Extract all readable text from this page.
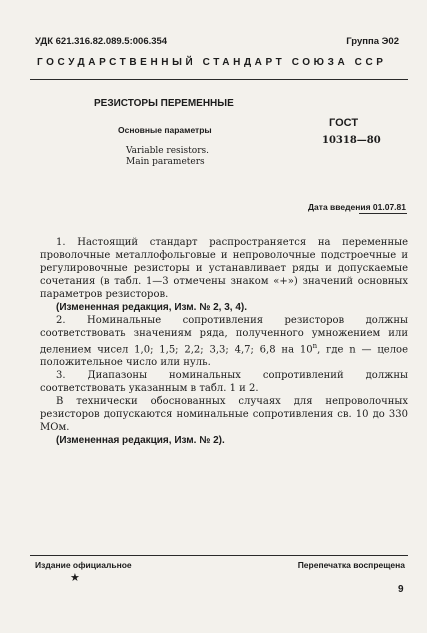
УДК 621.316.82.089.5:006.354	Группа Э02
ГОСУДАРСТВЕННЫЙ СТАНДАРТ СОЮЗА ССР
РЕЗИСТОРЫ ПЕРЕМЕННЫЕ
Основные параметры
Variable resistors.
Main parameters
ГОСТ
10318—80
Дата введения 01.07.81

1. Настоящий стандарт распространяется на переменные проволочные металлофольговые и непроволочные подстроечные и регулировочные резисторы и устанавливает ряды и допускаемые сочетания (в табл. 1—3 отмечены знаком «+») значений основных параметров резисторов.

(Измененная редакция, Изм. № 2, 3, 4).

2. Номинальные сопротивления резисторов должны соответствовать значениям ряда, полученного умножением или делением чисел 1,0; 1,5; 2,2; 3,3; 4,7; 6,8 на 10$^n$, где n — целое положительное число или нуль.

3. Диапазоны номинальных сопротивлений должны соответствовать указанным в табл. 1 и 2.

В технически обоснованных случаях для непроволочных резисторов допускаются номинальные сопротивления св. 10 до 330 МОм.

(Измененная редакция, Изм. № 2).

Издание официальное
★
Перепечатка воспрещена
9
